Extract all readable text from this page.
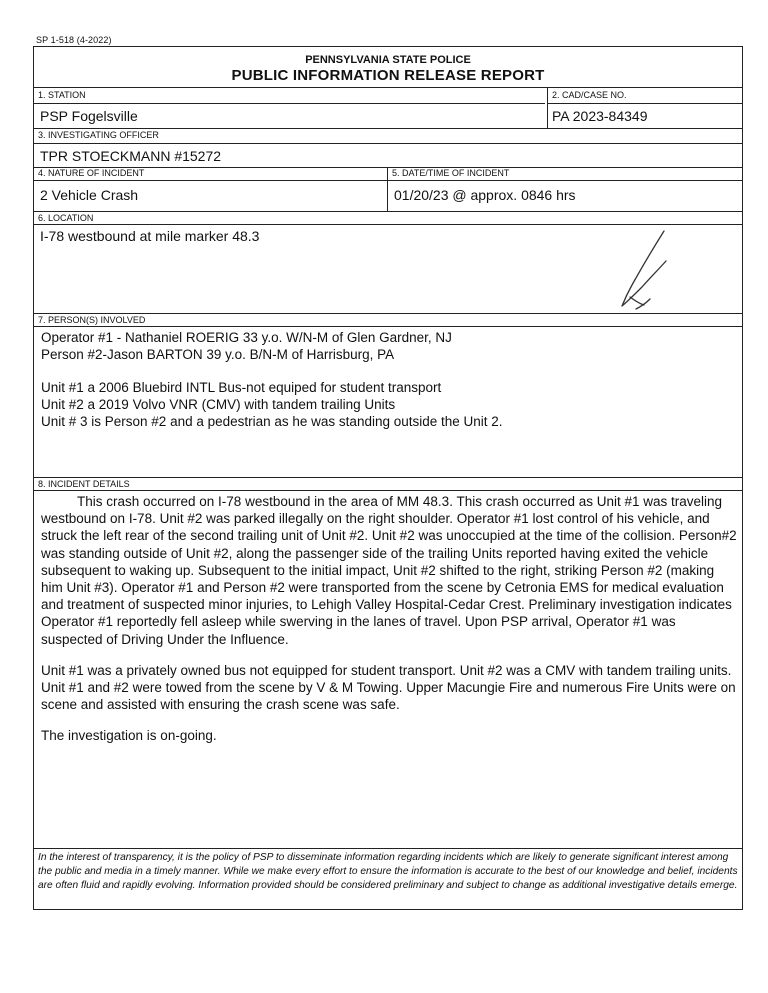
SP 1-518 (4-2022)
PENNSYLVANIA STATE POLICE
PUBLIC INFORMATION RELEASE REPORT
1. STATION	2. CAD/CASE NO.
PSP Fogelsville	PA 2023-84349
3. INVESTIGATING OFFICER
TPR STOECKMANN #15272
4. NATURE OF INCIDENT	5. DATE/TIME OF INCIDENT
2 Vehicle Crash	01/20/23 @ approx. 0846 hrs
6. LOCATION
I-78 westbound at mile marker 48.3
7. PERSON(S) INVOLVED
Operator #1 - Nathaniel ROERIG 33 y.o. W/N-M of Glen Gardner, NJ
Person #2-Jason BARTON 39 y.o. B/N-M of Harrisburg, PA
Unit #1 a 2006 Bluebird INTL Bus-not equiped for student transport
Unit #2 a 2019 Volvo VNR (CMV) with tandem trailing Units
Unit # 3 is Person #2 and a pedestrian as he was standing outside the Unit 2.
8. INCIDENT DETAILS

This crash occurred on I-78 westbound in the area of MM 48.3. This crash occurred as Unit #1 was traveling westbound on I-78. Unit #2 was parked illegally on the right shoulder. Operator #1 lost control of his vehicle, and struck the left rear of the second trailing unit of Unit #2. Unit #2 was unoccupied at the time of the collision. Person#2 was standing outside of Unit #2, along the passenger side of the trailing Units reported having exited the vehicle subsequent to waking up. Subsequent to the initial impact, Unit #2 shifted to the right, striking Person #2 (making him Unit #3). Operator #1 and Person #2 were transported from the scene by Cetronia EMS for medical evaluation and treatment of suspected minor injuries, to Lehigh Valley Hospital-Cedar Crest. Preliminary investigation indicates Operator #1 reportedly fell asleep while swerving in the lanes of travel. Upon PSP arrival, Operator #1 was suspected of Driving Under the Influence.

Unit #1 was a privately owned bus not equipped for student transport. Unit #2 was a CMV with tandem trailing units. Unit #1 and #2 were towed from the scene by V & M Towing. Upper Macungie Fire and numerous Fire Units were on scene and assisted with ensuring the crash scene was safe.

The investigation is on-going.

In the interest of transparency, it is the policy of PSP to disseminate information regarding incidents which are likely to generate significant interest among the public and media in a timely manner. While we make every effort to ensure the information is accurate to the best of our knowledge and belief, incidents are often fluid and rapidly evolving. Information provided should be considered preliminary and subject to change as additional investigative details emerge.
